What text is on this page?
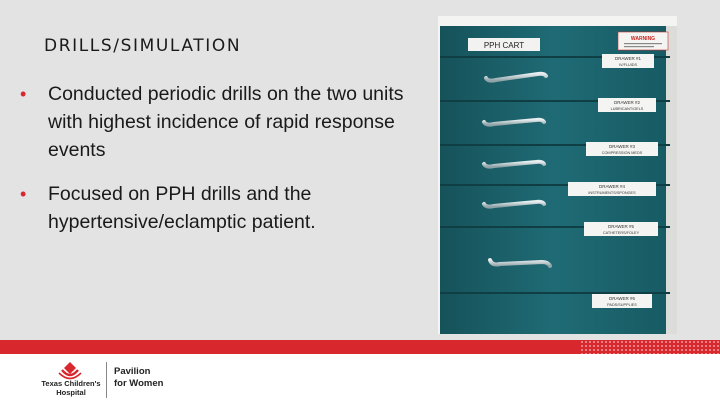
DRILLS/SIMULATION
• Conducted periodic drills on the two units with highest incidence of rapid response events
• Focused on PPH drills and the hypertensive/eclamptic patient.
PPH CART
WARNING
DRAWER #1
IV/FLUIDS
DRAWER #2
LUBRICANT/GELS
DRAWER #3
COMPRESSION MEDS
DRAWER #4
INSTRUMENTS/SPONGES
DRAWER #5
CATHETERS/FOLEY
DRAWER #6
PADS/SUPPLIES
Texas Children's
Hospital
Pavilion
for Women
